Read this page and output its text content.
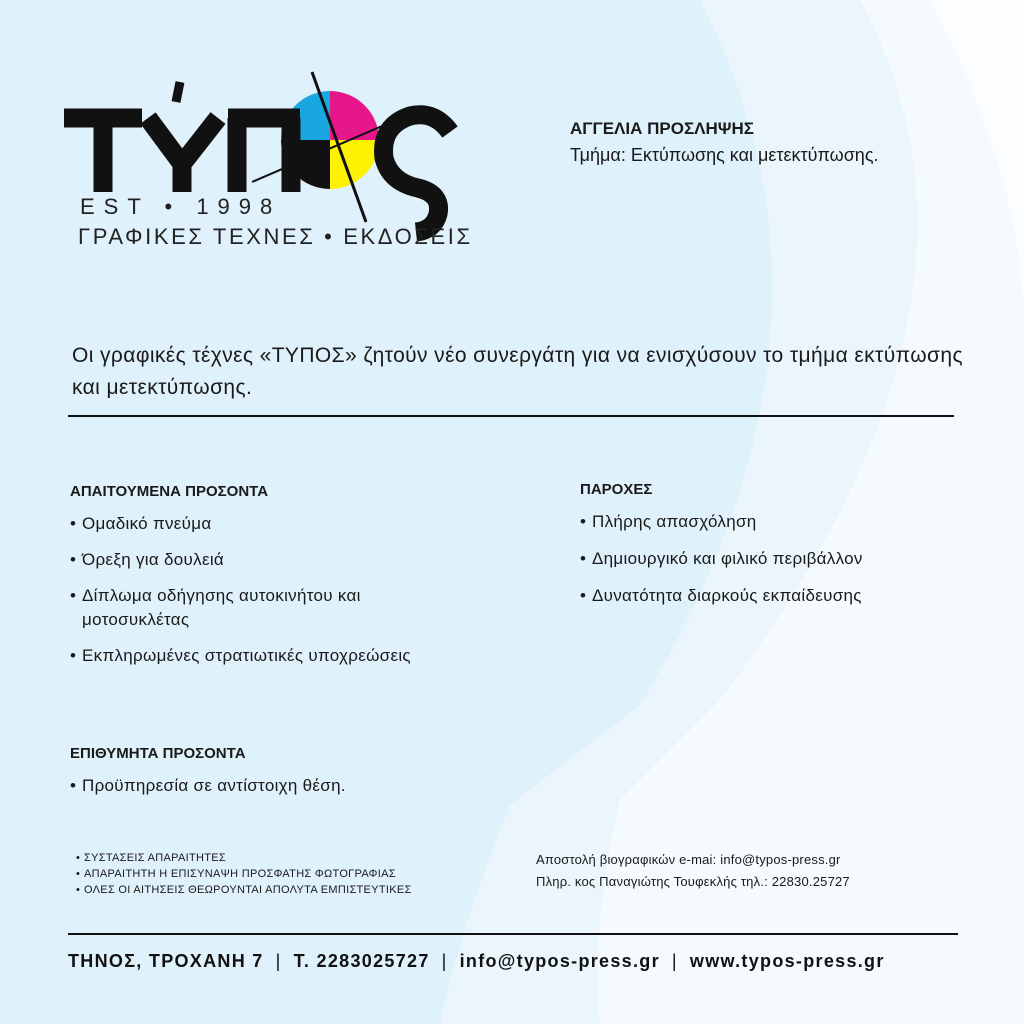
EST • 1998
ΓΡΑΦΙΚΕΣ ΤΕΧΝΕΣ • ΕΚΔΟΣΕΙΣ
ΑΓΓΕΛΙΑ ΠΡΟΣΛΗΨΗΣ
Τμήμα: Εκτύπωσης και μετεκτύπωσης.
Οι γραφικές τέχνες «ΤΥΠΟΣ» ζητούν νέο συνεργάτη για να ενισχύσουν το τμήμα εκτύπωσης και μετεκτύπωσης.
ΑΠΑΙΤΟΥΜΕΝΑ ΠΡΟΣΟΝΤΑ
• Ομαδικό πνεύμα
• Όρεξη για δουλειά
• Δίπλωμα οδήγησης αυτοκινήτου και μοτοσυκλέτας
• Εκπληρωμένες στρατιωτικές υποχρεώσεις
ΠΑΡΟΧΕΣ
• Πλήρης απασχόληση
• Δημιουργικό και φιλικό περιβάλλον
• Δυνατότητα διαρκούς εκπαίδευσης
ΕΠΙΘΥΜΗΤΑ ΠΡΟΣΟΝΤΑ
• Προϋπηρεσία σε αντίστοιχη θέση.
• ΣΥΣΤΑΣΕΙΣ ΑΠΑΡΑΙΤΗΤΕΣ
• ΑΠΑΡΑΙΤΗΤΗ Η ΕΠΙΣΥΝΑΨΗ ΠΡΟΣΦΑΤΗΣ ΦΩΤΟΓΡΑΦΙΑΣ
• ΟΛΕΣ ΟΙ ΑΙΤΗΣΕΙΣ ΘΕΩΡΟΥΝΤΑΙ ΑΠΟΛΥΤΑ ΕΜΠΙΣΤΕΥΤΙΚΕΣ
Αποστολή βιογραφικών e-mai: info@typos-press.gr
Πληρ. κος Παναγιώτης Τουφεκλής τηλ.: 22830.25727
ΤΗΝΟΣ, ΤΡΟΧΑΝΗ 7 | Τ. 2283025727 | info@typos-press.gr | www.typos-press.gr
